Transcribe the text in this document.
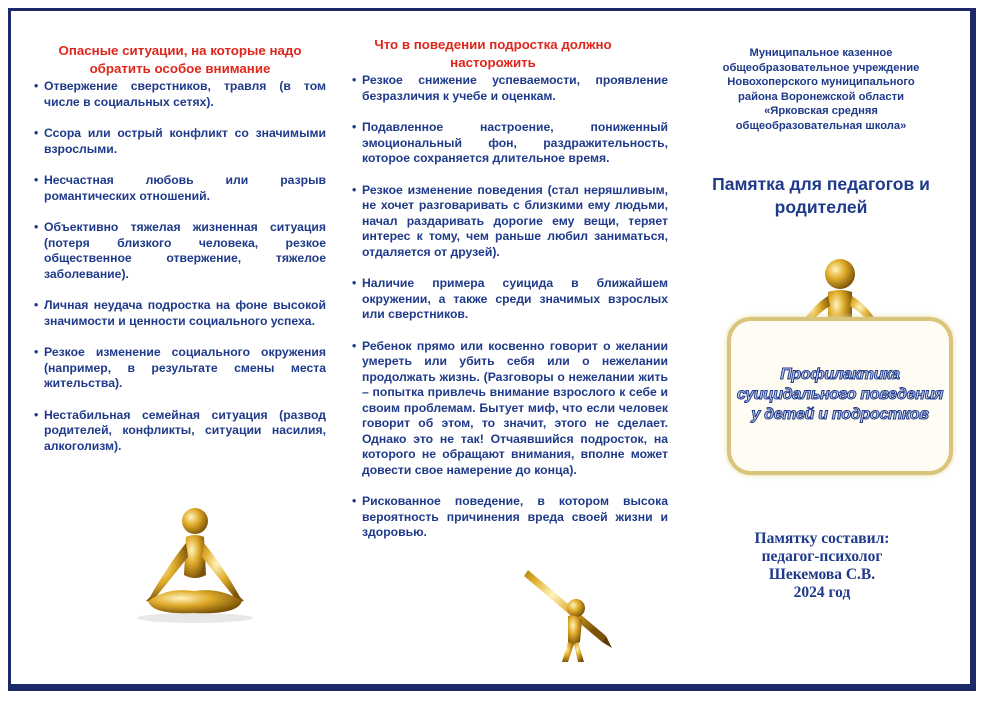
Опасные ситуации, на которые надо обратить особое внимание
• Отвержение сверстников, травля (в том числе в социальных сетях).
• Ссора или острый конфликт со значимыми взрослыми.
• Несчастная любовь или разрыв романтических отношений.
• Объективно тяжелая жизненная ситуация (потеря близкого человека, резкое общественное отвержение, тяжелое заболевание).
• Личная неудача подростка на фоне высокой значимости и ценности социального успеха.
• Резкое изменение социального окружения (например, в результате смены места жительства).
• Нестабильная семейная ситуация (развод родителей, конфликты, ситуации насилия, алкоголизм).
Что в поведении подростка должно насторожить
• Резкое снижение успеваемости, проявление безразличия к учебе и оценкам.
• Подавленное настроение, пониженный эмоциональный фон, раздражительность, которое сохраняется длительное время.
• Резкое изменение поведения (стал неряшливым, не хочет разговаривать с близкими ему людьми, начал раздаривать дорогие ему вещи, теряет интерес к тому, чем раньше любил заниматься, отдаляется от друзей).
• Наличие примера суицида в ближайшем окружении, а также среди значимых взрослых или сверстников.
• Ребенок прямо или косвенно говорит о желании умереть или убить себя или о нежелании продолжать жизнь. (Разговоры о нежелании жить – попытка привлечь внимание взрослого к себе и своим проблемам. Бытует миф, что если человек говорит об этом, то значит, этого не сделает. Однако это не так! Отчаявшийся подросток, на которого не обращают внимания, вполне может довести свое намерение до конца).
• Рискованное поведение, в котором высока вероятность причинения вреда своей жизни и здоровью.
Муниципальное казенное общеобразовательное учреждение Новохоперского муниципального района Воронежской области «Ярковская средняя общеобразовательная школа»
Памятка для педагогов и родителей
Профилактика суицидального поведения у детей и подростков
Памятку составил:
педагог-психолог
Шекемова С.В.
2024 год
